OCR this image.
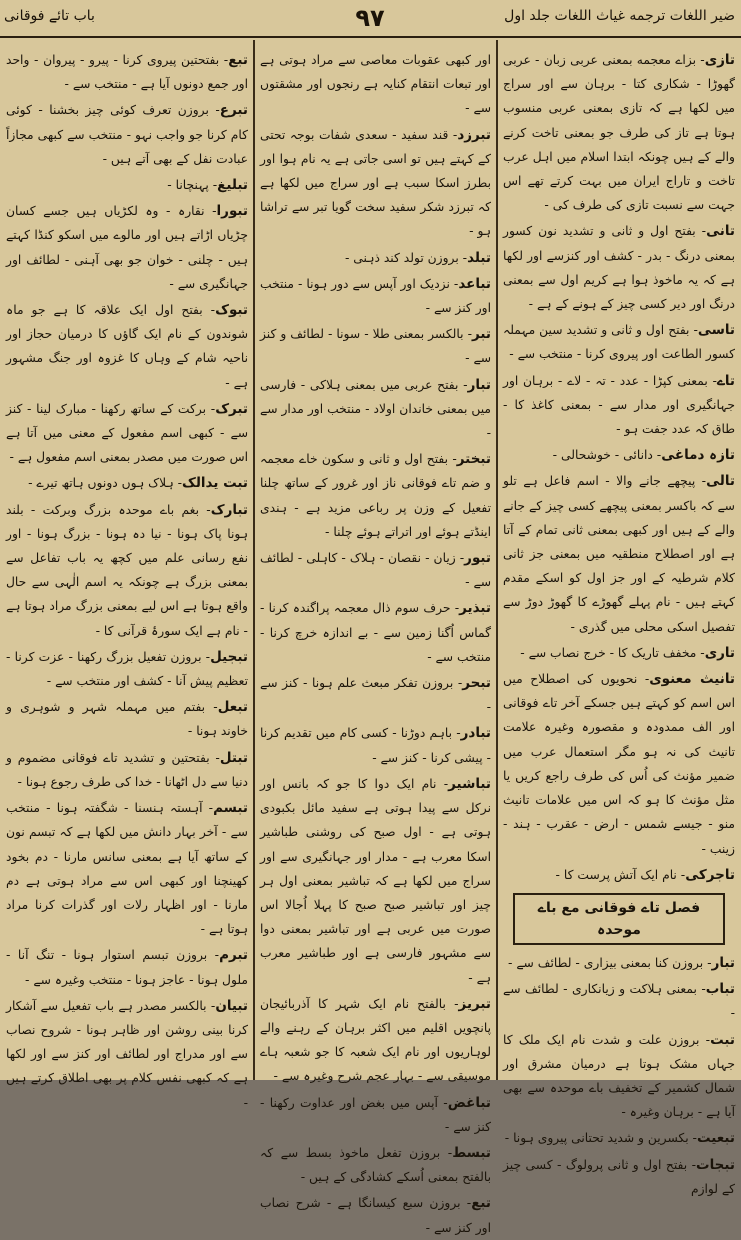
ضیر اللغات ترجمه غیاث اللغات جلد اول
٩٧
باب تائے فوقانی
تازی- بزاے معجمه بمعنی عربی زبان - عربی گھوڑا - شکاری کتا - برہان سے اور سراج میں لکھا ہے کہ تازی بمعنی عربی منسوب ہوتا ہے تاز کی طرف جو بمعنی تاخت کرنے والے کے ہیں چونکہ ابتدا اسلام میں اہل عرب تاخت و تاراج ایران میں بہت کرتے تھے اس جہت سے نسبت تازی کی طرف کی -
تانی- بفتح اول و ثانی و تشدید نون کسور بمعنی درنگ - بدر - کشف اور کنزسے اور لکھا ہے کہ یہ ماخوذ ہوا ہے کریم اول سے بمعنی درنگ اور دیر کسی چیز کے ہونے کے ہے -
تاسی- بفتح اول و ثانی و تشدید سین مہملہ کسور الطاعت اور پیروی کرنا - منتخب سے -
تاے- بمعنی کپڑا - عدد - تہ - لاے - برہان اور جہانگیری اور مدار سے - بمعنی کاغذ کا - طاق کہ عدد جفت ہو -
تازہ دماغی- دانائی - خوشحالی -
تالی- پیچھے جانے والا - اسم فاعل ہے تلو سے کہ باکسر بمعنی پیچھے کسی چیز کے جانے والے کے ہیں اور کبھی بمعنی ثانی تمام کے آتا ہے اور اصطلاح منطقیہ میں بمعنی جز ثانی کلام شرطیہ کے اور جز اول کو اسکے مقدم کہتے ہیں - نام پہلے گھوڑے کا گھوڑ دوڑ سے تفصیل اسکی محلی میں گذری -
تاری- مخفف تاریک کا - خرج نصاب سے -
تانیث معنوی- نحویوں کی اصطلاح میں اس اسم کو کہتے ہیں جسکے آخر تاے فوقانی اور الف ممدودہ و مقصورہ وغیرہ علامت تانیث کی نہ ہو مگر استعمال عرب میں ضمیر مؤنث کی اُس کی طرف راجع کریں یا مثل مؤنث کا ہو کہ اس میں علامات تانیث منو - جیسے شمس - ارض - عقرب - ہند - زینب -
تاجرکی- نام ایک آتش پرست کا -
فصل تاے فوقانی مع باے موحدہ
تبار- بروزن کنا بمعنی بیزاری - لطائف سے -
تباب- بمعنی ہلاکت و زیانکاری - لطائف سے -
تبت- بروزن علت و شدت نام ایک ملک کا جہاں مشک ہوتا ہے درمیان مشرق اور شمال کشمیر کے تخفیف باے موحدہ سے بھی آیا ہے - برہان وغیرہ -
تبعیت- بکسرین و شدید تحتانی پیروی ہونا -
تبجات- بفتح اول و ثانی پرولوگ - کسی چیز کے لوازم
اور کبھی عقوبات معاصی سے مراد ہوتی ہے اور تبعات انتقام کنایہ ہے رنجوں اور مشقتوں سے -
تبرزد- قند سفید - سعدی شفات بوجہ تحتی کے کہتے ہیں تو اسی جاتی ہے یہ نام ہوا اور بطرز اسکا سبب ہے اور سراج میں لکھا ہے کہ تبرزد شکر سفید سخت گویا تبر سے تراشا ہو -
تبلد- بروزن تولد کند ذہنی -
تباعد- نزدیک اور آپس سے دور ہونا - منتخب اور کنز سے -
تبر- بالکسر بمعنی طلا - سونا - لطائف و کنز سے -
تبار- بفتح عربی میں بمعنی ہلاکی - فارسی میں بمعنی خاندان اولاد - منتخب اور مدار سے -
تبختر- بفتح اول و ثانی و سکون خاے معجمہ و ضم تاے فوقانی ناز اور غرور کے ساتھ چلنا تفعیل کے وزن پر رباعی مزید ہے - ہندی اینڈتے ہوئے اور اتراتے ہوئے چلنا -
تبور- زیان - نقصان - ہلاک - کاہلی - لطائف سے -
تبذیر- حرف سوم ذال معجمہ پراگندہ کرنا - گماس اُگنا زمین سے - بے اندازہ خرچ کرنا - منتخب سے -
تبحر- بروزن تفکر مبعث علم ہونا - کنز سے -
تبادر- باہم دوڑنا - کسی کام میں تقدیم کرنا - پیشی کرنا - کنز سے -
تباشیر- نام ایک دوا کا جو کہ بانس اور نرکل سے پیدا ہوتی ہے سفید مائل بکبودی ہوتی ہے - اول صبح کی روشنی طباشیر اسکا معرب ہے - مدار اور جہانگیری سے اور سراج میں لکھا ہے کہ تباشیر بمعنی اول ہر چیز اور تباشیر صبح صبح کا پہلا اُجالا اس صورت میں عربی ہے اور تباشیر بمعنی دوا سے مشہور فارسی ہے اور طباشیر معرب ہے -
تبریز- بالفتح نام ایک شہر کا آذربائیجان پانچویں اقلیم میں اکثر برہان کے رہنے والے لوہاریوں اور نام ایک شعبہ کا جو شعبہ ہاے موسیقی سے - بہار عجم شرح وغیرہ سے -
تباغض- آپس میں بغض اور عداوت رکھنا - کنز سے -
تبسط- بروزن تفعل ماخوذ بسط سے کہ بالفتح بمعنی اُسکے کشادگی کے ہیں -
تبع- بروزن سبع کیسانگا ہے - شرح نصاب اور کنز سے -
تبع- بفتحتین پیروی کرنا - پیرو - پیروان - واحد اور جمع دونوں آیا ہے - منتخب سے -
تبرع- بروزن تعرف کوئی چیز بخشنا - کوئی کام کرنا جو واجب نہو - منتخب سے کبھی مجازاً عبادت نفل کے بھی آتے ہیں -
تبلیغ- پہنچانا -
تبورا- نقارہ - وہ لکڑیاں ہیں جسے کسان چڑیاں اڑاتے ہیں اور مالوے میں اسکو کنڈا کہتے ہیں - چلنی - خوان جو بھی آہنی - لطائف اور جہانگیری سے -
تبوک- بفتح اول ایک علاقہ کا ہے جو ماہ شوندون کے نام ایک گاؤں کا درمیان حجاز اور ناحیہ شام کے وہاں کا غزوہ اور جنگ مشہور ہے -
تبرک- برکت کے ساتھ رکھنا - مبارک لینا - کنز سے - کبھی اسم مفعول کے معنی میں آتا ہے اس صورت میں مصدر بمعنی اسم مفعول ہے -
تبت یدالک- ہلاک ہوں دونوں ہاتھ تیرے -
تبارک- بغم باے موحدہ بزرگ وبرکت - بلند ہونا پاک ہونا - نیا دہ ہونا - بزرگ ہونا - اور نفع رسانی علم میں کچھ یہ باب تفاعل سے بمعنی بزرگ ہے چونکہ یہ اسم الٰہی سے حال واقع ہوتا ہے اس لیے بمعنی بزرگ مراد ہوتا ہے - نام ہے ایک سورۂ قرآنی کا -
تبجیل- بروزن تفعیل بزرگ رکھنا - عزت کرنا - تعظیم پیش آنا - کشف اور منتخب سے -
تبعل- بفتم میں مہملہ شہر و شوہری و خاوند ہونا -
تبتل- بفتحتین و تشدید تاے فوقانی مضموم و دنیا سے دل اٹھانا - خدا کی طرف رجوع ہونا -
تبسم- آہستہ ہنسنا - شگفتہ ہونا - منتخب سے - آخر بہار دانش میں لکھا ہے کہ تبسم نون کے ساتھ آیا ہے بمعنی سانس مارنا - دم بخود کھینچنا اور کبھی اس سے مراد ہوتی ہے دم مارنا - اور اظہار رلات اور گذرات کرنا مراد ہوتا ہے -
تبرم- بروزن تبسم استوار ہونا - تنگ آنا - ملول ہونا - عاجز ہونا - منتخب وغیرہ سے -
تبیان- بالکسر مصدر ہے باب تفعیل سے آشکار کرنا بینی روشن اور ظاہر ہونا - شروح نصاب سے اور مدراج اور لطائف اور کنز سے اور لکھا ہے کہ کبھی نفس کلام پر بھی اطلاق کرتے ہیں -
